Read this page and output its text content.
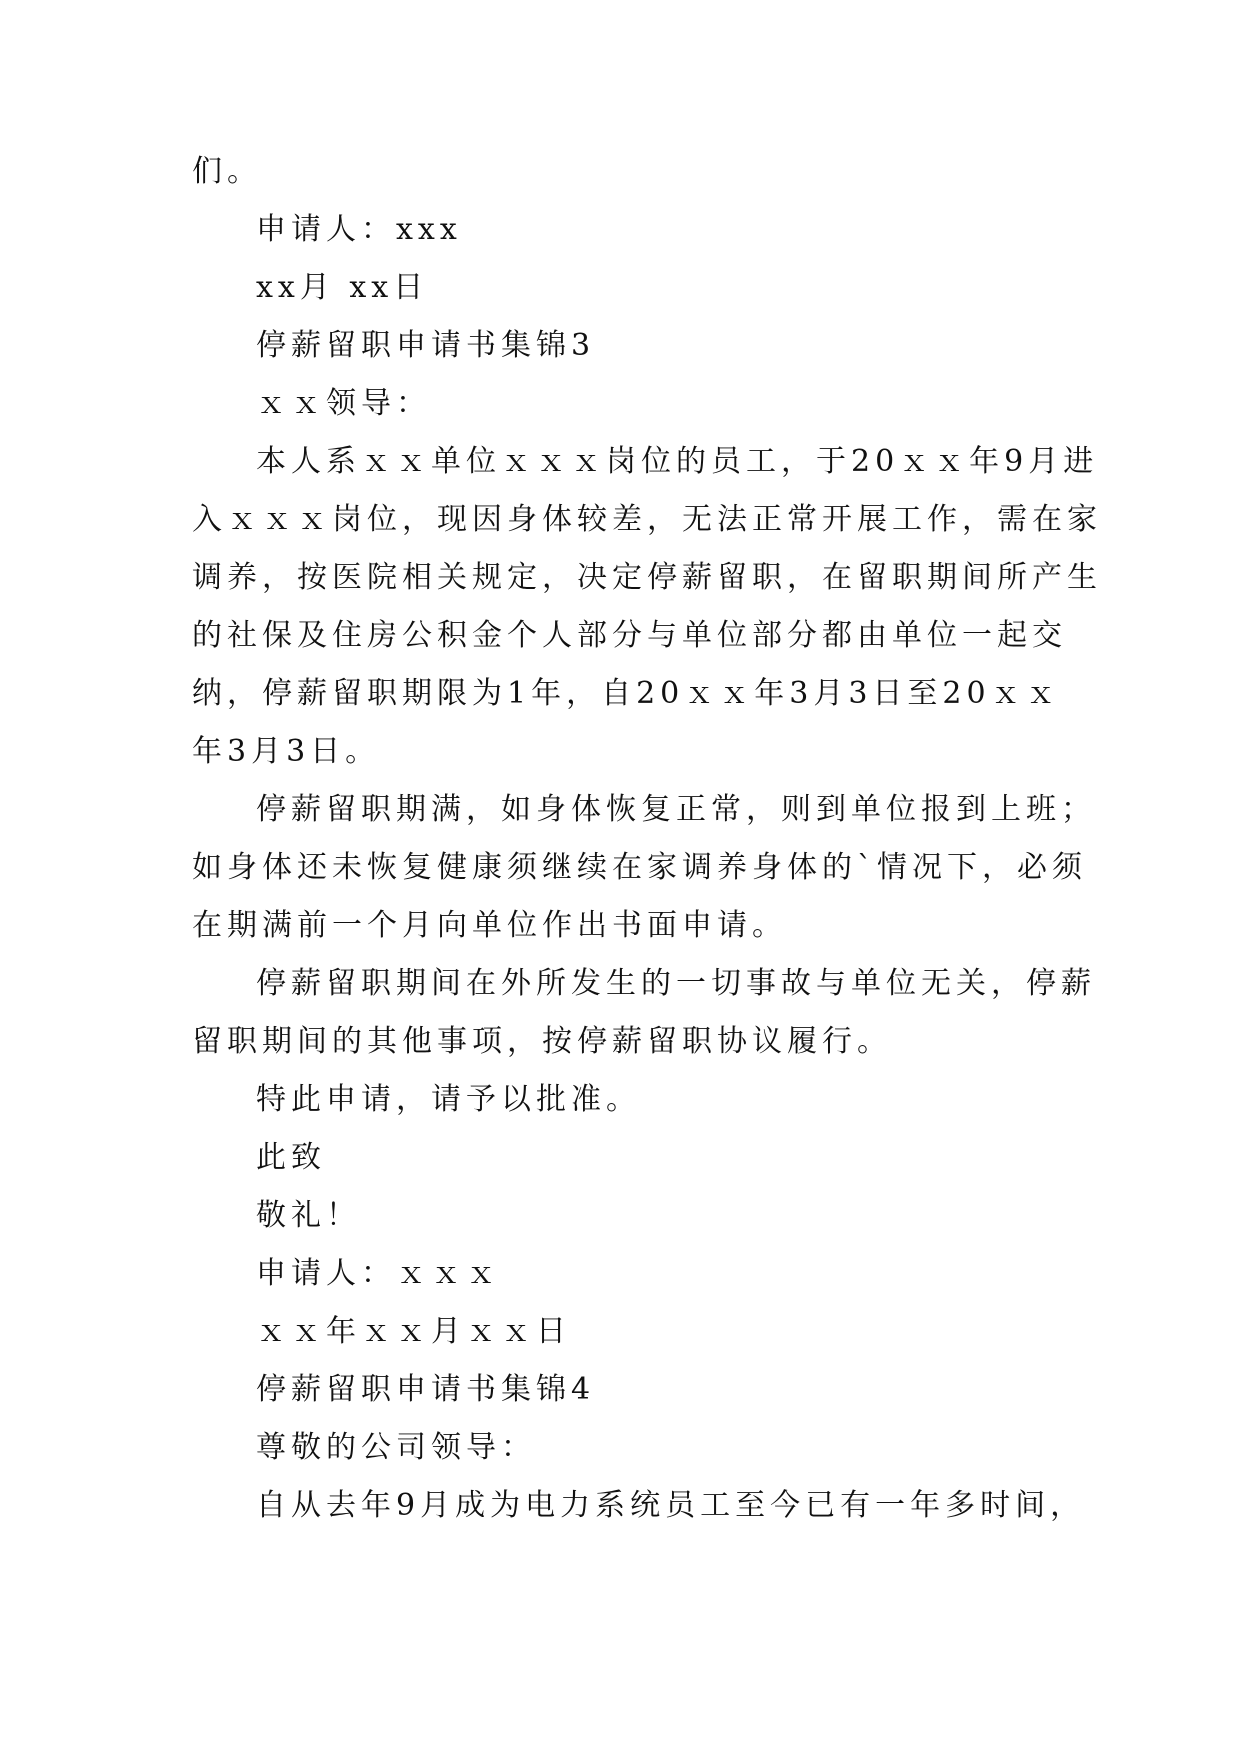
们。
申请人：xxx
xx月 xx日
停薪留职申请书集锦3
ｘｘ领导：
本人系ｘｘ单位ｘｘｘ岗位的员工，于20ｘｘ年9月进
入ｘｘｘ岗位，现因身体较差，无法正常开展工作，需在家
调养，按医院相关规定，决定停薪留职，在留职期间所产生
的社保及住房公积金个人部分与单位部分都由单位一起交
纳，停薪留职期限为1年，自20ｘｘ年3月3日至20ｘｘ
年3月3日。
停薪留职期满，如身体恢复正常，则到单位报到上班；
如身体还未恢复健康须继续在家调养身体的`情况下，必须
在期满前一个月向单位作出书面申请。
停薪留职期间在外所发生的一切事故与单位无关，停薪
留职期间的其他事项，按停薪留职协议履行。
特此申请，请予以批准。
此致
敬礼！
申请人：ｘｘｘ
ｘｘ年ｘｘ月ｘｘ日
停薪留职申请书集锦4
尊敬的公司领导：
自从去年9月成为电力系统员工至今已有一年多时间，
